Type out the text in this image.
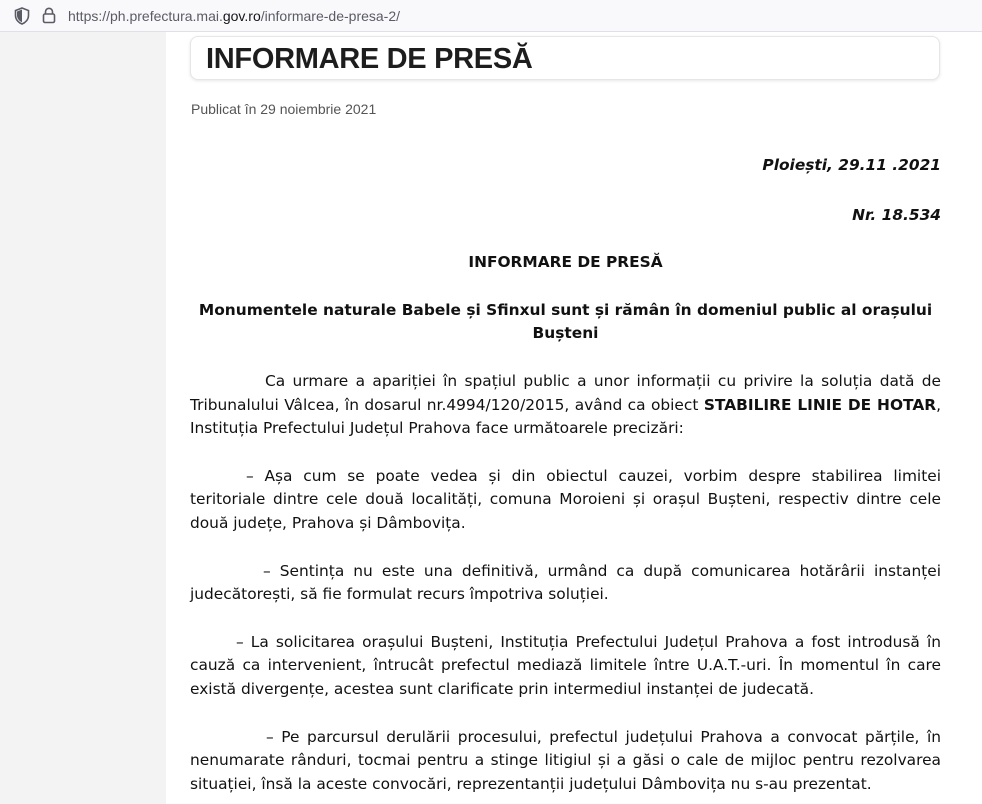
https://ph.prefectura.mai.gov.ro/informare-de-presa-2/
INFORMARE DE PRESĂ
Publicat în 29 noiembrie 2021

Ploiești, 29.11 .2021

Nr. 18.534

INFORMARE DE PRESĂ

Monumentele naturale Babele și Sfinxul sunt și rămân în domeniul public al orașului Bușteni

Ca urmare a apariției în spațiul public a unor informații cu privire la soluția dată de Tribunalului Vâlcea, în dosarul nr.4994/120/2015, având ca obiect STABILIRE LINIE DE HOTAR, Instituția Prefectului Județul Prahova face următoarele precizări:

– Așa cum se poate vedea și din obiectul cauzei, vorbim despre stabilirea limitei teritoriale dintre cele două localități, comuna Moroieni și orașul Bușteni, respectiv dintre cele două județe, Prahova și Dâmbovița.

– Sentința nu este una definitivă, urmând ca după comunicarea hotărârii instanței judecătorești, să fie formulat recurs împotriva soluției.

– La solicitarea orașului Bușteni, Instituția Prefectului Județul Prahova a fost introdusă în cauză ca intervenient, întrucât prefectul mediază limitele între U.A.T.-uri. În momentul în care există divergențe, acestea sunt clarificate prin intermediul instanței de judecată.

– Pe parcursul derulării procesului, prefectul județului Prahova a convocat părțile, în nenumarate rânduri, tocmai pentru a stinge litigiul și a găsi o cale de mijloc pentru rezolvarea situației, însă la aceste convocări, reprezentanții județului Dâmbovița nu s-au prezentat.
